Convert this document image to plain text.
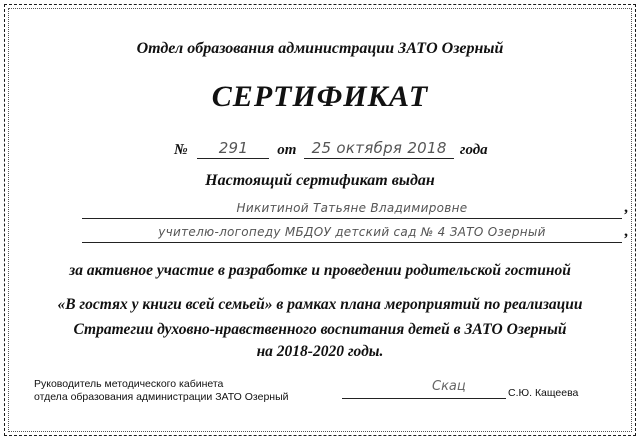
Отдел образования администрации ЗАТО Озерный
СЕРТИФИКАТ
№ 291 от 25 октября 2018 года
Настоящий сертификат выдан
Никитиной Татьяне Владимировне	,
учителю-логопеду МБДОУ детский сад № 4 ЗАТО Озерный	,
за активное участие в разработке и проведении родительской гостиной
«В гостях у книги всей семьей» в рамках плана мероприятий по реализации
Стратегии духовно-нравственного воспитания детей в ЗАТО Озерный
на 2018-2020 годы.
Руководитель методического кабинета
отдела образования администрации ЗАТО Озерный
Скац	С.Ю. Кащеева
